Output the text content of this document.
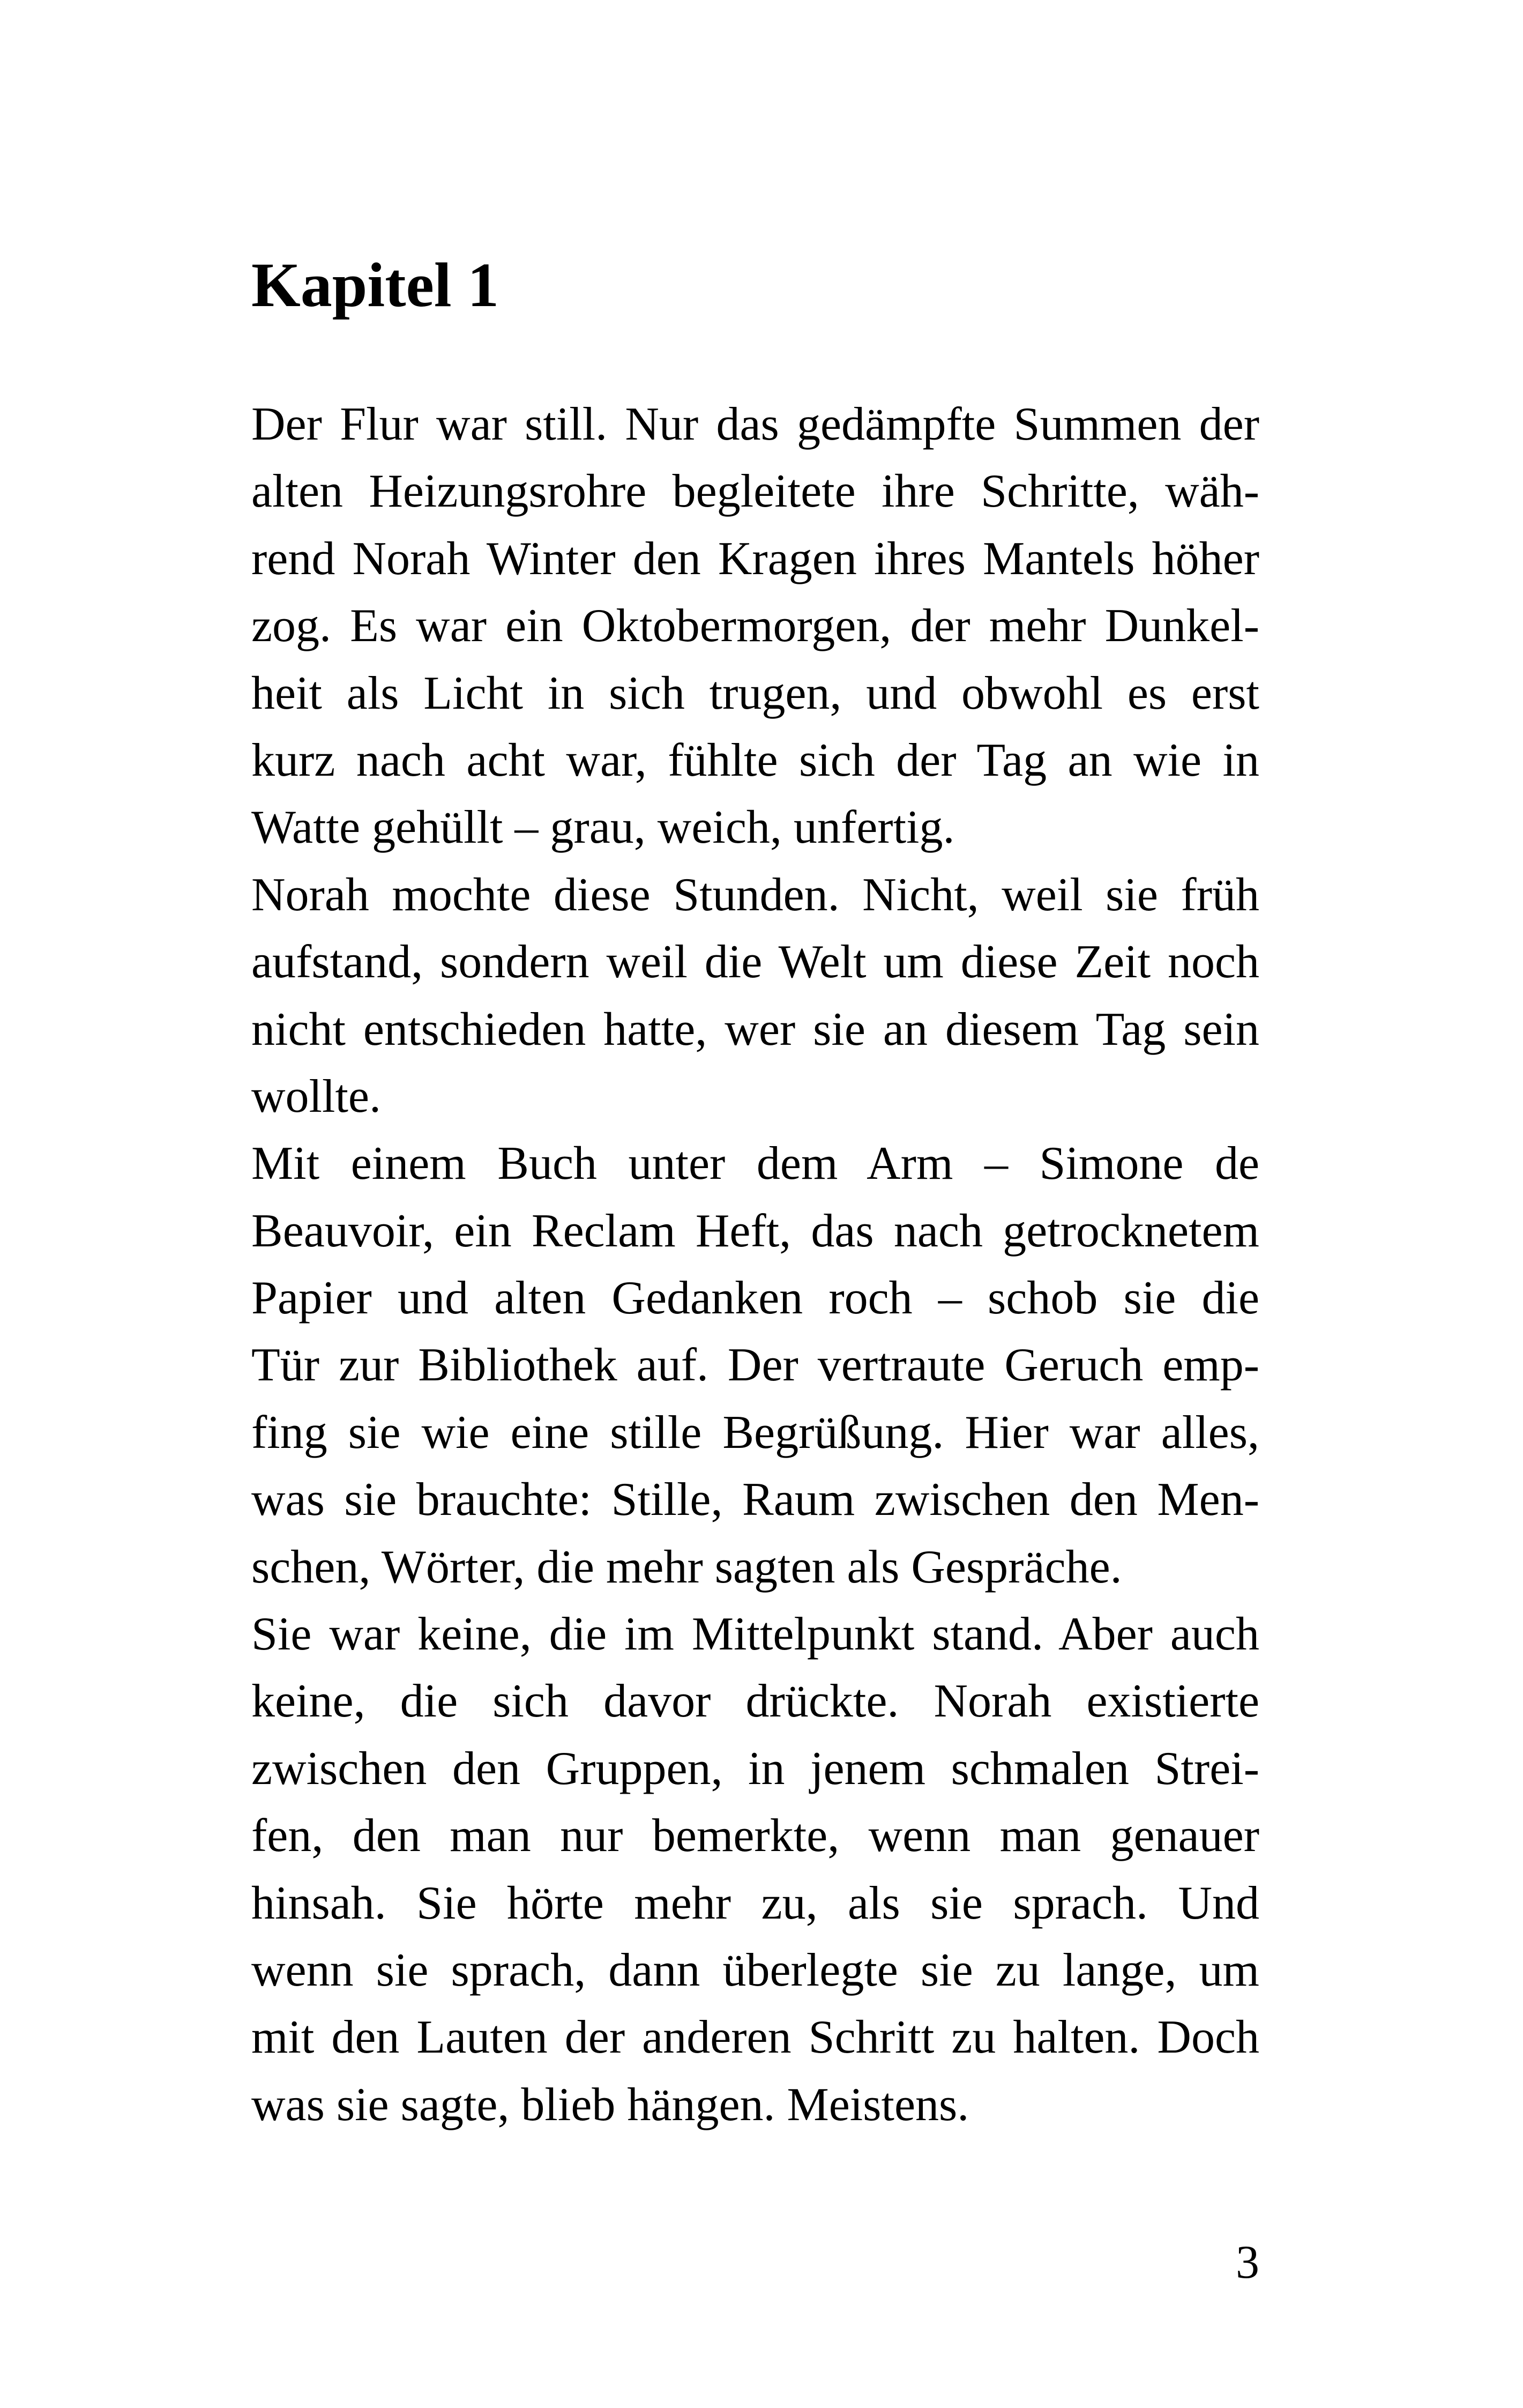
Kapitel 1
Der Flur war still. Nur das gedämpfte Summen der
alten Heizungsrohre begleitete ihre Schritte, wäh-
rend Norah Winter den Kragen ihres Mantels höher
zog. Es war ein Oktobermorgen, der mehr Dunkel-
heit als Licht in sich trugen, und obwohl es erst
kurz nach acht war, fühlte sich der Tag an wie in
Watte gehüllt – grau, weich, unfertig.
Norah mochte diese Stunden. Nicht, weil sie früh
aufstand, sondern weil die Welt um diese Zeit noch
nicht entschieden hatte, wer sie an diesem Tag sein
wollte.
Mit einem Buch unter dem Arm – Simone de
Beauvoir, ein Reclam Heft, das nach getrocknetem
Papier und alten Gedanken roch – schob sie die
Tür zur Bibliothek auf. Der vertraute Geruch emp-
fing sie wie eine stille Begrüßung. Hier war alles,
was sie brauchte: Stille, Raum zwischen den Men-
schen, Wörter, die mehr sagten als Gespräche.
Sie war keine, die im Mittelpunkt stand. Aber auch
keine, die sich davor drückte. Norah existierte
zwischen den Gruppen, in jenem schmalen Strei-
fen, den man nur bemerkte, wenn man genauer
hinsah. Sie hörte mehr zu, als sie sprach. Und
wenn sie sprach, dann überlegte sie zu lange, um
mit den Lauten der anderen Schritt zu halten. Doch
was sie sagte, blieb hängen. Meistens.
3
